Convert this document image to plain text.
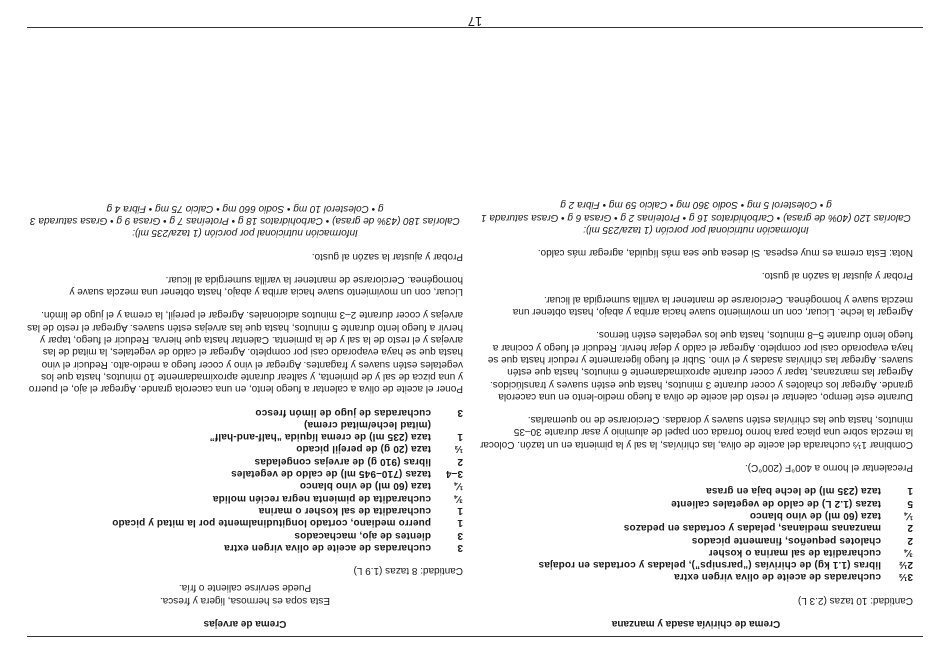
17

Crema de chirivía asada y manzana

Cantidad: 10 tazas (2.3 L)

3⅓
cucharadas de aceite de oliva virgen extra
2½
libras (1.1 kg) de chirivías (“parsnips”), peladas y cortadas en rodajas
¾
cucharadita de sal marina o kosher
2
chalotes pequeños, finamente picados
2
manzanas medianas, peladas y cortadas en pedazos
¼
taza (60 ml) de vino blanco
5
tazas (1.2 L) de caldo de vegetales caliente
1
taza (235 ml) de leche baja en grasa

Precalentar el horno a 400°F (200°C).

Combinar 1⅓ cucharada del aceite de oliva, las chirivías, la sal y la pimienta en un tazón. Colocar la mezcla sobre una placa para horno forrada con papel de aluminio y asar durante 30–35 minutos, hasta que las chirivías estén suaves y doradas. Cerciorarse de no quemarlas.

Durante este tiempo, calentar el resto del aceite de oliva a fuego medio-lento en una cacerola grande. Agregar los chalotes y cocer durante 3 minutos, hasta que estén suaves y translúcidos. Agregar las manzanas, tapar y cocer durante aproximadamente 6 minutos, hasta que estén suaves. Agregar las chirivías asadas y el vino. Subir el fuego ligeramente y reducir hasta que se haya evaporado casi por completo. Agregar el caldo y dejar hervir. Reducir el fuego y cocinar a fuego lento durante 5–8 minutos, hasta que los vegetales estén tiernos.

Agregar la leche. Licuar, con un movimiento suave hacia arriba y abajo, hasta obtener una mezcla suave y homogénea. Cerciorarse de mantener la varilla sumergida al licuar.

Probar y ajustar la sazón al gusto.

Nota: Esta crema es muy espesa. Si desea que sea más líquida, agregar más caldo.

Información nutricional por porción (1 taza/235 ml):

Calorías 120 (40% de grasa) • Carbohidratos 16 g • Proteínas 2 g • Grasa 6 g • Grasa saturada 1 g • Colesterol 5 mg • Sodio 360 mg • Calcio 59 mg • Fibra 2 g

Crema de arvejas

Esta sopa es hermosa, ligera y fresca.

Puede servirse caliente o fría.

Cantidad: 8 tazas (1.9 L)

3
cucharadas de aceite de oliva virgen extra
3
dientes de ajo, machacados
1
puerro mediano, cortado longitudinalmente por la mitad y picado
1
cucharadita de sal kosher o marina
¾
cucharadita de pimienta negra recién molida
¼
taza (60 ml) de vino blanco
3–4
tazas (710–945 ml) de caldo de vegetales
2
libras (910 g) de arvejas congeladas
⅓
taza (20 g) de perejil picado
1
taza (235 ml) de crema líquida “half-and-half”
(mitad leche/mitad crema)
3
cucharadas de jugo de limón fresco

Poner el aceite de oliva a calentar a fuego lento, en una cacerola grande. Agregar el ajo, el puerro y una pizca de sal y de pimienta, y saltear durante aproximadamente 10 minutos, hasta que los vegetales estén suaves y fragantes. Agregar el vino y cocer fuego a medio-alto. Reducir el vino hasta que se haya evaporado casi por completo. Agregar el caldo de vegetales, la mitad de las arvejas y el resto de la sal y de la pimienta. Calentar hasta que hierva. Reducir el fuego, tapar y hervir a fuego lento durante 5 minutos, hasta que las arvejas estén suaves. Agregar el resto de las arvejas y cocer durante 2–3 minutos adicionales. Agregar el perejil, la crema y el jugo de limón.

Licuar, con un movimiento suave hacia arriba y abajo, hasta obtener una mezcla suave y homogénea. Cerciorarse de mantener la varilla sumergida al licuar.

Probar y ajustar la sazón al gusto.

Información nutricional por porción (1 taza/235 ml):

Calorías 180 (43% de grasa) • Carbohidratos 18 g • Proteínas 7 g • Grasa 9 g • Grasa saturada 3 g • Colesterol 10 mg • Sodio 660 mg • Calcio 75 mg • Fibra 4 g
